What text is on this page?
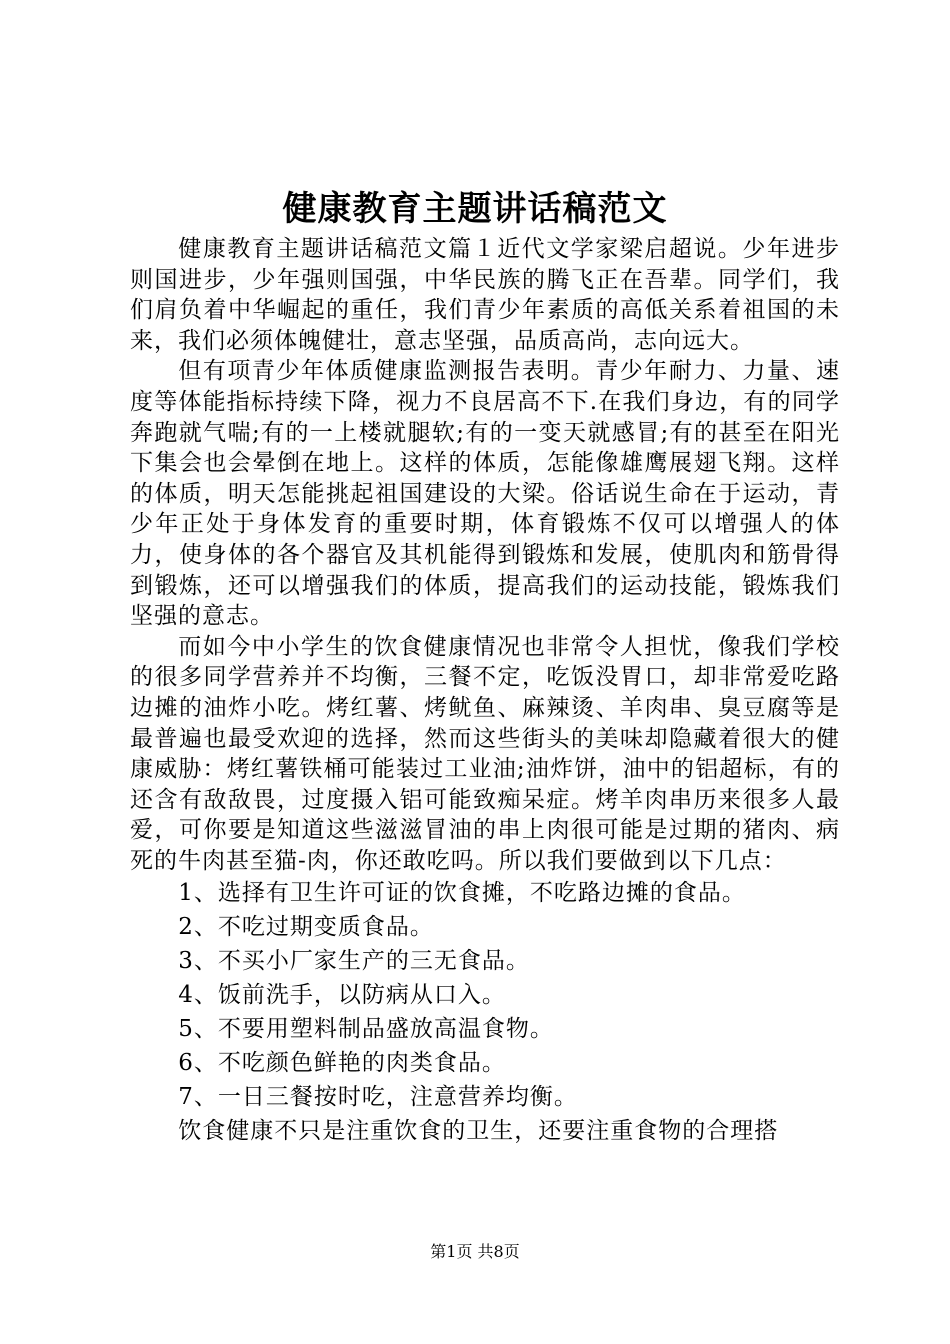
健康教育主题讲话稿范文

健康教育主题讲话稿范文篇１近代文学家梁启超说。少年进步则国进步，少年强则国强，中华民族的腾飞正在吾辈。同学们，我们肩负着中华崛起的重任，我们青少年素质的高低关系着祖国的未来，我们必须体魄健壮，意志坚强，品质高尚，志向远大。

但有项青少年体质健康监测报告表明。青少年耐力、力量、速度等体能指标持续下降，视力不良居高不下.在我们身边，有的同学奔跑就气喘;有的一上楼就腿软;有的一变天就感冒;有的甚至在阳光下集会也会晕倒在地上。这样的体质，怎能像雄鹰展翅飞翔。这样的体质，明天怎能挑起祖国建设的大梁。俗话说生命在于运动，青少年正处于身体发育的重要时期，体育锻炼不仅可以增强人的体力，使身体的各个器官及其机能得到锻炼和发展，使肌肉和筋骨得到锻炼，还可以增强我们的体质，提高我们的运动技能，锻炼我们坚强的意志。

而如今中小学生的饮食健康情况也非常令人担忧，像我们学校的很多同学营养并不均衡，三餐不定，吃饭没胃口，却非常爱吃路边摊的油炸小吃。烤红薯、烤鱿鱼、麻辣烫、羊肉串、臭豆腐等是最普遍也最受欢迎的选择，然而这些街头的美味却隐藏着很大的健康威胁：烤红薯铁桶可能装过工业油;油炸饼，油中的铝超标，有的还含有敌敌畏，过度摄入铝可能致痴呆症。烤羊肉串历来很多人最爱，可你要是知道这些滋滋冒油的串上肉很可能是过期的猪肉、病死的牛肉甚至猫-肉，你还敢吃吗。所以我们要做到以下几点：

1、选择有卫生许可证的饮食摊，不吃路边摊的食品。

2、不吃过期变质食品。

3、不买小厂家生产的三无食品。

4、饭前洗手，以防病从口入。

5、不要用塑料制品盛放高温食物。

6、不吃颜色鲜艳的肉类食品。

7、一日三餐按时吃，注意营养均衡。

饮食健康不只是注重饮食的卫生，还要注重食物的合理搭

第1页 共8页
